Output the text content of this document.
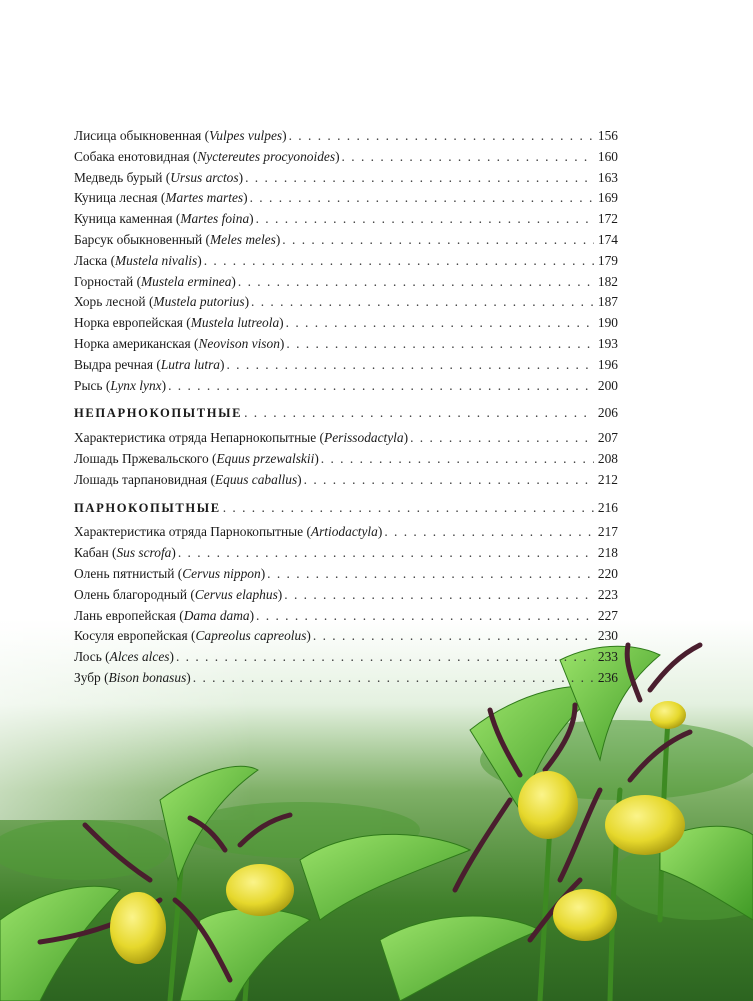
Лисица обыкновенная (Vulpes vulpes) . . .	156
Собака енотовидная (Nyctereutes procyonoides) . . .	160
Медведь бурый (Ursus arctos) . . .	163
Куница лесная (Martes martes) . . .	169
Куница каменная (Martes foina) . . .	172
Барсук обыкновенный (Meles meles) . . .	174
Ласка (Mustela nivalis) . . .	179
Горностай (Mustela erminea) . . .	182
Хорь лесной (Mustela putorius) . . .	187
Норка европейская (Mustela lutreola) . . .	190
Норка американская (Neovison vison) . . .	193
Выдра речная (Lutra lutra) . . .	196
Рысь (Lynx lynx) . . .	200
НЕПАРНОКОПЫТНЫЕ . . .	206
Характеристика отряда Непарнокопытные (Perissodactyla) . . .	207
Лошадь Пржевальского (Equus przewalskii) . . .	208
Лошадь тарпановидная (Equus caballus) . . .	212
ПАРНОКОПЫТНЫЕ . . .	216
Характеристика отряда Парнокопытные (Artiodactyla) . . .	217
Кабан (Sus scrofa) . . .	218
Олень пятнистый (Cervus nippon) . . .	220
Олень благородный (Cervus elaphus) . . .	223
Лань европейская (Dama dama) . . .	227
Косуля европейская (Capreolus capreolus) . . .	230
Лось (Alces alces) . . .	233
Зубр (Bison bonasus) . . .	236
